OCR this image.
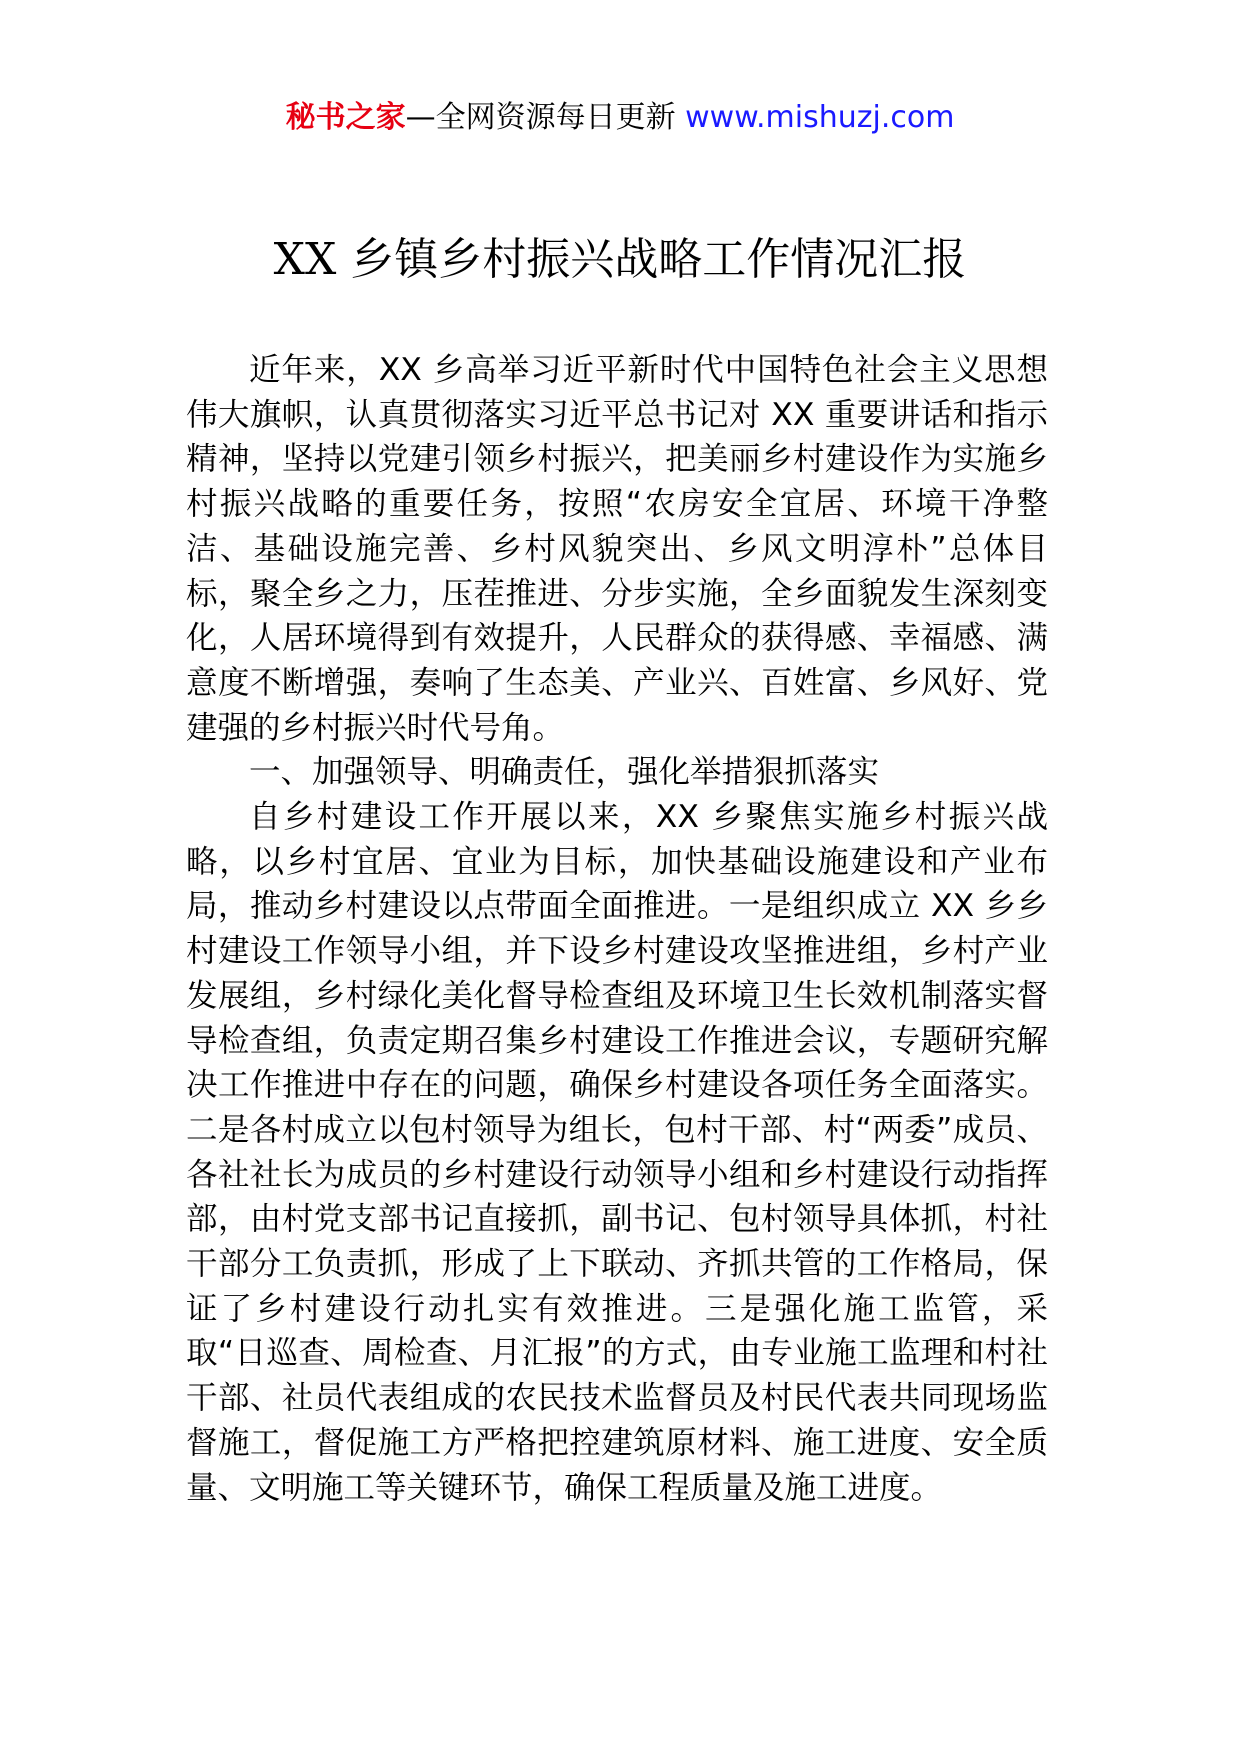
秘书之家—全网资源每日更新 www.mishuzj.com
XX 乡镇乡村振兴战略工作情况汇报

近年来，XX 乡高举习近平新时代中国特色社会主义思想伟大旗帜，认真贯彻落实习近平总书记对 XX 重要讲话和指示精神，坚持以党建引领乡村振兴，把美丽乡村建设作为实施乡村振兴战略的重要任务，按照“农房安全宜居、环境干净整洁、基础设施完善、乡村风貌突出、乡风文明淳朴”总体目标，聚全乡之力，压茬推进、分步实施，全乡面貌发生深刻变化，人居环境得到有效提升，人民群众的获得感、幸福感、满意度不断增强，奏响了生态美、产业兴、百姓富、乡风好、党建强的乡村振兴时代号角。

一、加强领导、明确责任，强化举措狠抓落实

自乡村建设工作开展以来，XX 乡聚焦实施乡村振兴战略，以乡村宜居、宜业为目标，加快基础设施建设和产业布局，推动乡村建设以点带面全面推进。一是组织成立 XX 乡乡村建设工作领导小组，并下设乡村建设攻坚推进组，乡村产业发展组，乡村绿化美化督导检查组及环境卫生长效机制落实督导检查组，负责定期召集乡村建设工作推进会议，专题研究解决工作推进中存在的问题，确保乡村建设各项任务全面落实。二是各村成立以包村领导为组长，包村干部、村“两委”成员、各社社长为成员的乡村建设行动领导小组和乡村建设行动指挥部，由村党支部书记直接抓，副书记、包村领导具体抓，村社干部分工负责抓，形成了上下联动、齐抓共管的工作格局，保证了乡村建设行动扎实有效推进。三是强化施工监管，采取“日巡查、周检查、月汇报”的方式，由专业施工监理和村社干部、社员代表组成的农民技术监督员及村民代表共同现场监督施工，督促施工方严格把控建筑原材料、施工进度、安全质量、文明施工等关键环节，确保工程质量及施工进度。
